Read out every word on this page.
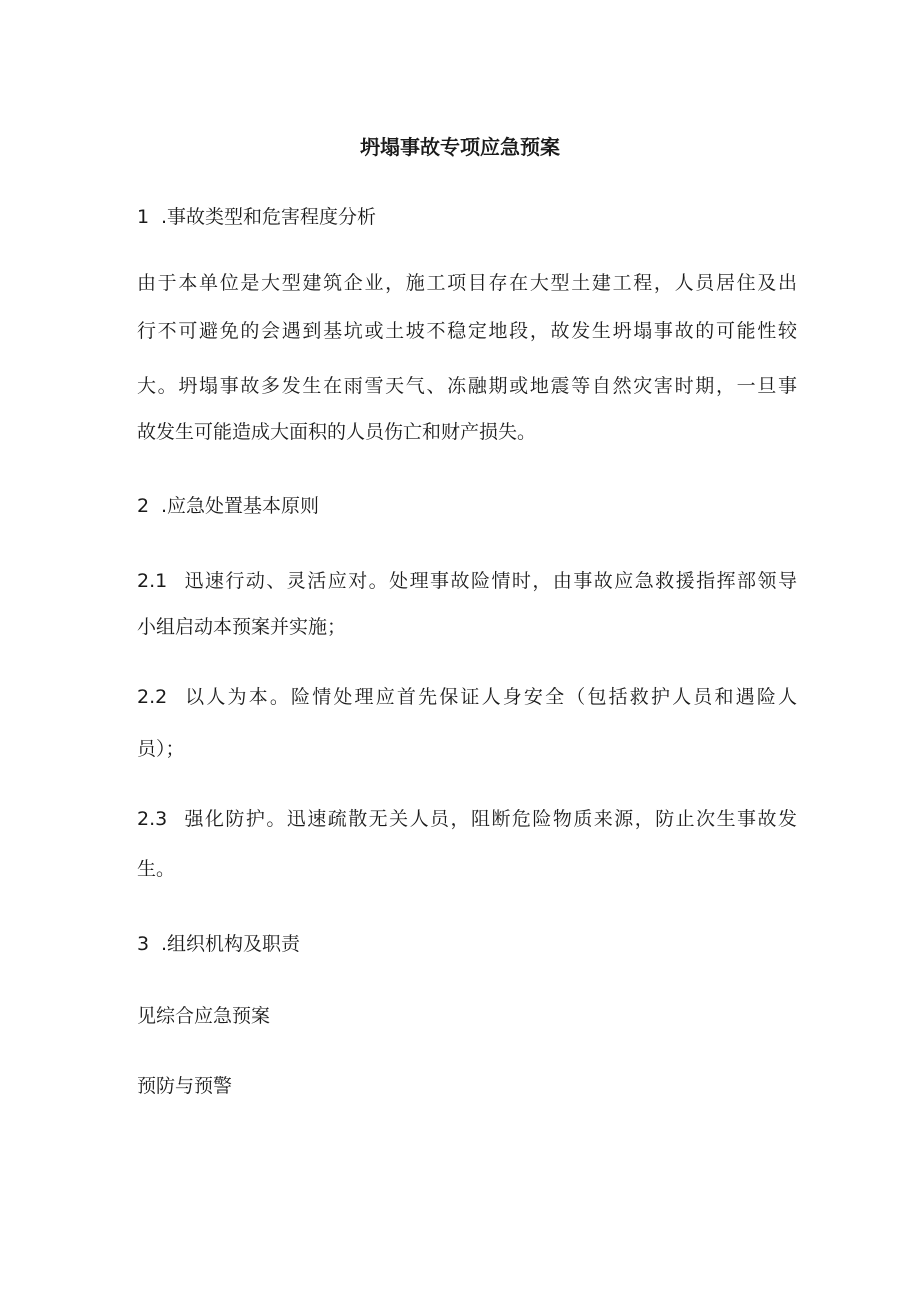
坍塌事故专项应急预案

1 .事故类型和危害程度分析

由于本单位是大型建筑企业，施工项目存在大型土建工程，人员居住及出

行不可避免的会遇到基坑或土坡不稳定地段，故发生坍塌事故的可能性较

大。坍塌事故多发生在雨雪天气、冻融期或地震等自然灾害时期，一旦事

故发生可能造成大面积的人员伤亡和财产损失。

2 .应急处置基本原则

2.1 迅速行动、灵活应对。处理事故险情时，由事故应急救援指挥部领导

小组启动本预案并实施；

2.2 以人为本。险情处理应首先保证人身安全（包括救护人员和遇险人

员）；

2.3 强化防护。迅速疏散无关人员，阻断危险物质来源，防止次生事故发

生。

3 .组织机构及职责

见综合应急预案

预防与预警
